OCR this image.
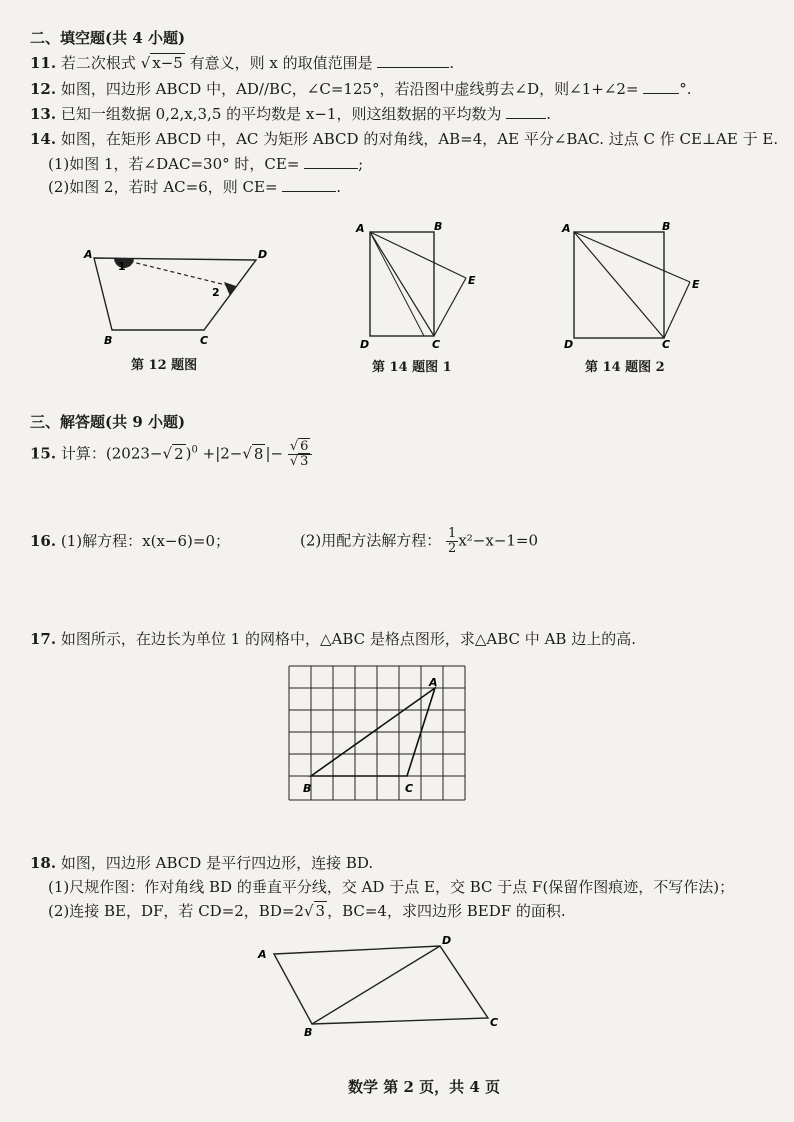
二、填空题(共 4 小题)
11. 若二次根式 √ x−5 有意义，则 x 的取值范围是	.
12. 如图，四边形 ABCD 中，AD//BC，∠C=125°，若沿图中虚线剪去∠D，则∠1+∠2=	°.
13. 已知一组数据 0,2,x,3,5 的平均数是 x−1，则这组数据的平均数为	.
14. 如图，在矩形 ABCD 中，AC 为矩形 ABCD 的对角线，AB=4，AE 平分∠BAC. 过点 C 作 CE⊥AE 于 E.
(1)如图 1，若∠DAC=30° 时，CE=	;
(2)如图 2，若时 AC=6，则 CE=	.
A	D
B	C
1
2
第 12 题图
A	B
E
D	C
第 14 题图 1
A	B
E
D	C
第 14 题图 2
三、解答题(共 9 小题)
15. 计算：(2023−√ 2 )$^0$ +|2−√ 8 |− $\frac{√ 6}{√ 3}$
16. (1)解方程：x(x−6)=0；	(2)用配方法解方程： $\frac{1}{2} x^2-x-1=0$
17. 如图所示，在边长为单位 1 的网格中，△ABC 是格点图形，求△ABC 中 AB 边上的高.
A
B	C
18. 如图，四边形 ABCD 是平行四边形，连接 BD.
(1)尺规作图：作对角线 BD 的垂直平分线，交 AD 于点 E，交 BC 于点 F(保留作图痕迹，不写作法)；
(2)连接 BE，DF，若 CD=2，BD=2√ 3 ，BC=4，求四边形 BEDF 的面积.
A
D
B
C
数学 第 2 页，共 4 页
